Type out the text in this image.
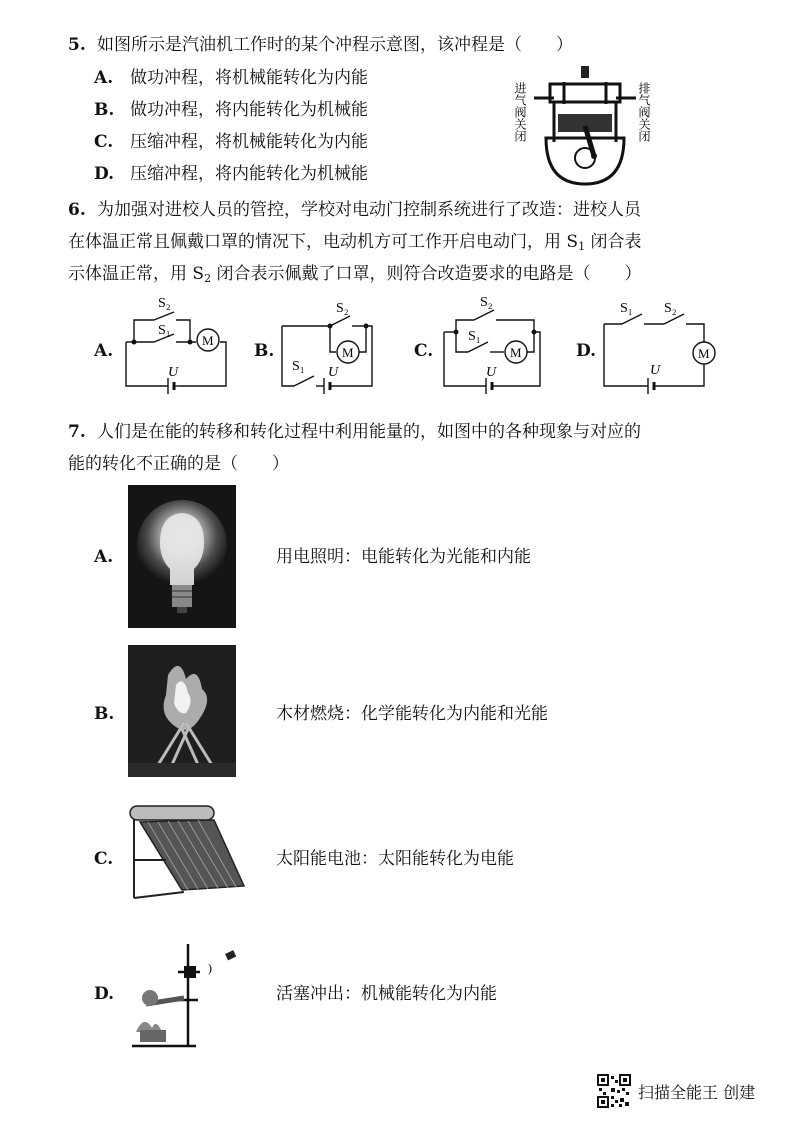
5. 如图所示是汽油机工作时的某个冲程示意图，该冲程是（　　）
A. 做功冲程，将机械能转化为内能
B. 做功冲程，将内能转化为机械能
C. 压缩冲程，将机械能转化为内能
D. 压缩冲程，将内能转化为机械能
进气阀关闭	排气阀关闭
6. 为加强对进校人员的管控，学校对电动门控制系统进行了改造：进校人员
在体温正常且佩戴口罩的情况下，电动机方可工作开启电动门，用 $S_1$ 闭合表
示体温正常，用 $S_2$ 闭合表示佩戴了口罩，则符合改造要求的电路是（　　）
A.
S₂
S₁
M
U
B.
S₂
S₁
M
U
C.
S₂
S₁
M
U
D.
S₁ S₂
M
U
7. 人们是在能的转移和转化过程中利用能量的，如图中的各种现象与对应的
能的转化不正确的是（　　）
A.	用电照明：电能转化为光能和内能
B.	木材燃烧：化学能转化为内能和光能
C.	太阳能电池：太阳能转化为电能
D.
)
活塞冲出：机械能转化为内能
扫描全能王 创建
